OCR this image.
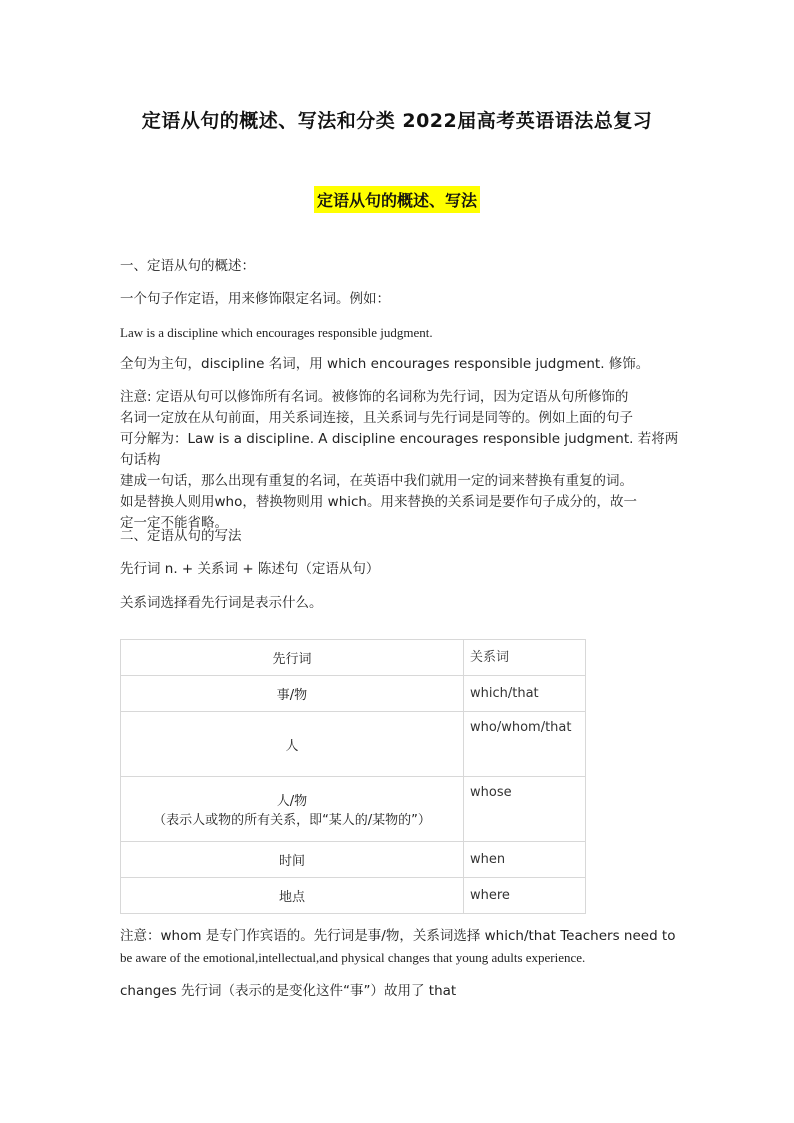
定语从句的概述、写法和分类 2022届高考英语语法总复习
定语从句的概述、写法
一、定语从句的概述：
一个句子作定语，用来修饰限定名词。例如：
Law is a discipline which encourages responsible judgment.
全句为主句，discipline 名词，用 which encourages responsible judgment. 修饰。
注意: 定语从句可以修饰所有名词。被修饰的名词称为先行词，因为定语从句所修饰的
名词一定放在从句前面，用关系词连接，且关系词与先行词是同等的。例如上面的句子
可分解为：Law is a discipline. A discipline encourages responsible judgment. 若将两句话构
建成一句话，那么出现有重复的名词，在英语中我们就用一定的词来替换有重复的词。
如是替换人则用who，替换物则用 which。用来替换的关系词是要作句子成分的，故一
定一定不能省略。
二、定语从句的写法
先行词 n. + 关系词 + 陈述句（定语从句）
关系词选择看先行词是表示什么。
先行词	关系词
事/物	which/that
人	who/whom/that

人/物
（表示人或物的所有关系，即“某人的/某物的”）	whose
时间	when
地点	where
注意：whom 是专门作宾语的。先行词是事/物，关系词选择 which/that Teachers need to
be aware of the emotional,intellectual,and physical changes that young adults experience.
changes 先行词（表示的是变化这件“事”）故用了 that
